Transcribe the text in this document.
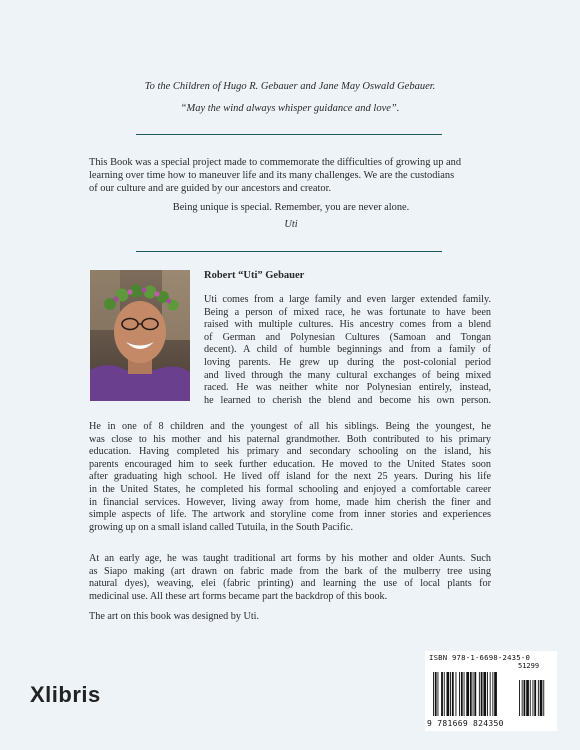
To the Children of Hugo R. Gebauer and Jane May Oswald Gebauer.

“May the wind always whisper guidance and love”.

This Book was a special project made to commemorate the difficulties of growing up and

learning over time how to maneuver life and its many challenges. We are the custodians

of our culture and are guided by our ancestors and creator.

Being unique is special. Remember, you are never alone.

Uti

Robert “Uti” Gebauer
Uti comes from a large family and even larger extended family.
Being a person of mixed race, he was fortunate to have been
raised with multiple cultures. His ancestry comes from a blend
of German and Polynesian Cultures (Samoan and Tongan
decent). A child of humble beginnings and from a family of
loving parents. He grew up during the post-colonial period
and lived through the many cultural exchanges of being mixed
raced. He was neither white nor Polynesian entirely, instead,
he learned to cherish the blend and become his own person.
He in one of 8 children and the youngest of all his siblings. Being the youngest, he
was close to his mother and his paternal grandmother. Both contributed to his primary
education. Having completed his primary and secondary schooling on the island, his
parents encouraged him to seek further education. He moved to the United States soon
after graduating high school. He lived off island for the next 25 years. During his life
in the United States, he completed his formal schooling and enjoyed a comfortable career
in financial services. However, living away from home, made him cherish the finer and
simple aspects of life. The artwork and storyline come from inner stories and experiences
growing up on a small island called Tutuila, in the South Pacific.
At an early age, he was taught traditional art forms by his mother and older Aunts. Such
as Siapo making (art drawn on fabric made from the bark of the mulberry tree using
natural dyes), weaving, elei (fabric printing) and learning the use of local plants for
medicinal use. All these art forms became part the backdrop of this book.
The art on this book was designed by Uti.
Xlibris
ISBN 978-1-6698-2435-0
51299
9 781669 824350
